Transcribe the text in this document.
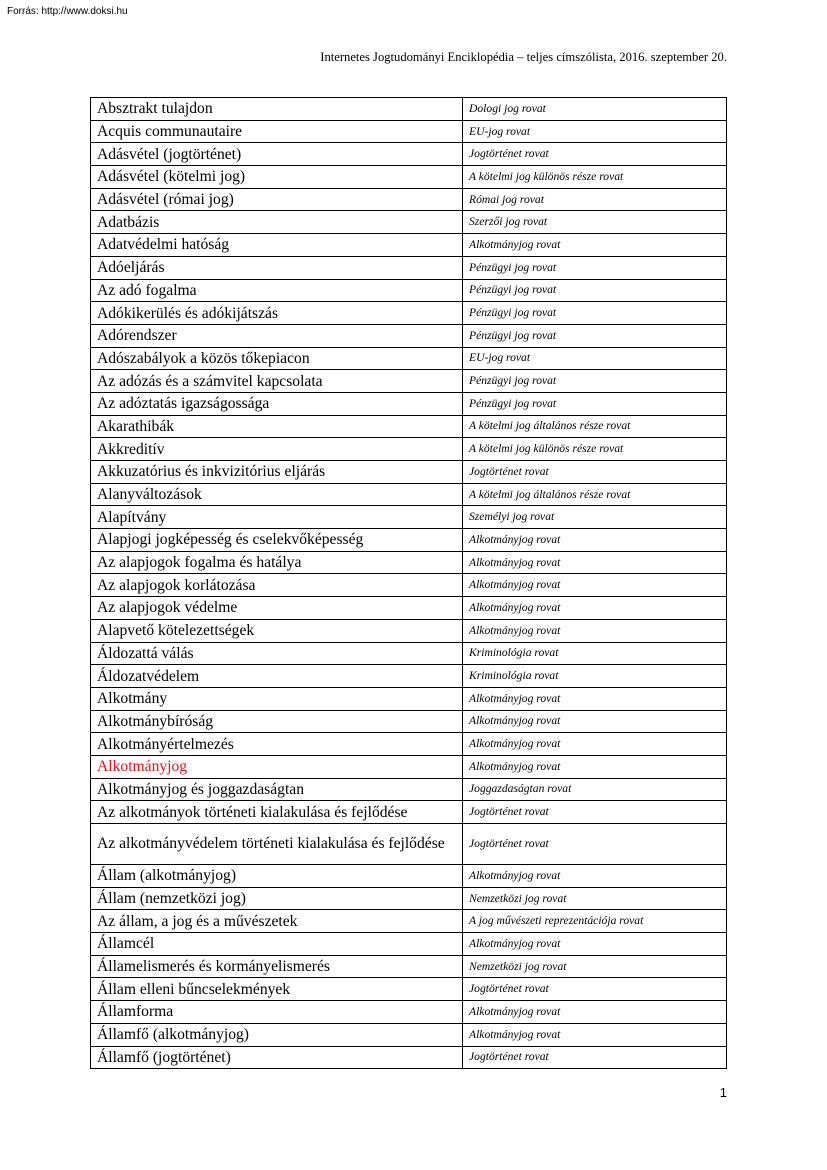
Forrás: http://www.doksi.hu
Internetes Jogtudományi Enciklopédia – teljes címszólista, 2016. szeptember 20.
Absztrakt tulajdon	Dologi jog rovat
Acquis communautaire	EU-jog rovat
Adásvétel (jogtörténet)	Jogtörténet rovat
Adásvétel (kötelmi jog)	A kötelmi jog különös része rovat
Adásvétel (római jog)	Római jog rovat
Adatbázis	Szerzői jog rovat
Adatvédelmi hatóság	Alkotmányjog rovat
Adóeljárás	Pénzügyi jog rovat
Az adó fogalma	Pénzügyi jog rovat
Adókikerülés és adókijátszás	Pénzügyi jog rovat
Adórendszer	Pénzügyi jog rovat
Adószabályok a közös tőkepiacon	EU-jog rovat
Az adózás és a számvitel kapcsolata	Pénzügyi jog rovat
Az adóztatás igazságossága	Pénzügyi jog rovat
Akarathibák	A kötelmi jog általános része rovat
Akkreditív	A kötelmi jog különös része rovat
Akkuzatórius és inkvizitórius eljárás	Jogtörténet rovat
Alanyváltozások	A kötelmi jog általános része rovat
Alapítvány	Személyi jog rovat
Alapjogi jogképesség és cselekvőképesség	Alkotmányjog rovat
Az alapjogok fogalma és hatálya	Alkotmányjog rovat
Az alapjogok korlátozása	Alkotmányjog rovat
Az alapjogok védelme	Alkotmányjog rovat
Alapvető kötelezettségek	Alkotmányjog rovat
Áldozattá válás	Kriminológia rovat
Áldozatvédelem	Kriminológia rovat
Alkotmány	Alkotmányjog rovat
Alkotmánybíróság	Alkotmányjog rovat
Alkotmányértelmezés	Alkotmányjog rovat
Alkotmányjog	Alkotmányjog rovat
Alkotmányjog és joggazdaságtan	Joggazdaságtan rovat
Az alkotmányok történeti kialakulása és fejlődése	Jogtörténet rovat
Az alkotmányvédelem történeti kialakulása és fejlődése	Jogtörténet rovat
Állam (alkotmányjog)	Alkotmányjog rovat
Állam (nemzetközi jog)	Nemzetközi jog rovat
Az állam, a jog és a művészetek	A jog művészeti reprezentációja rovat
Államcél	Alkotmányjog rovat
Államelismerés és kormányelismerés	Nemzetközi jog rovat
Állam elleni bűncselekmények	Jogtörténet rovat
Államforma	Alkotmányjog rovat
Államfő (alkotmányjog)	Alkotmányjog rovat
Államfő (jogtörténet)	Jogtörténet rovat
1
